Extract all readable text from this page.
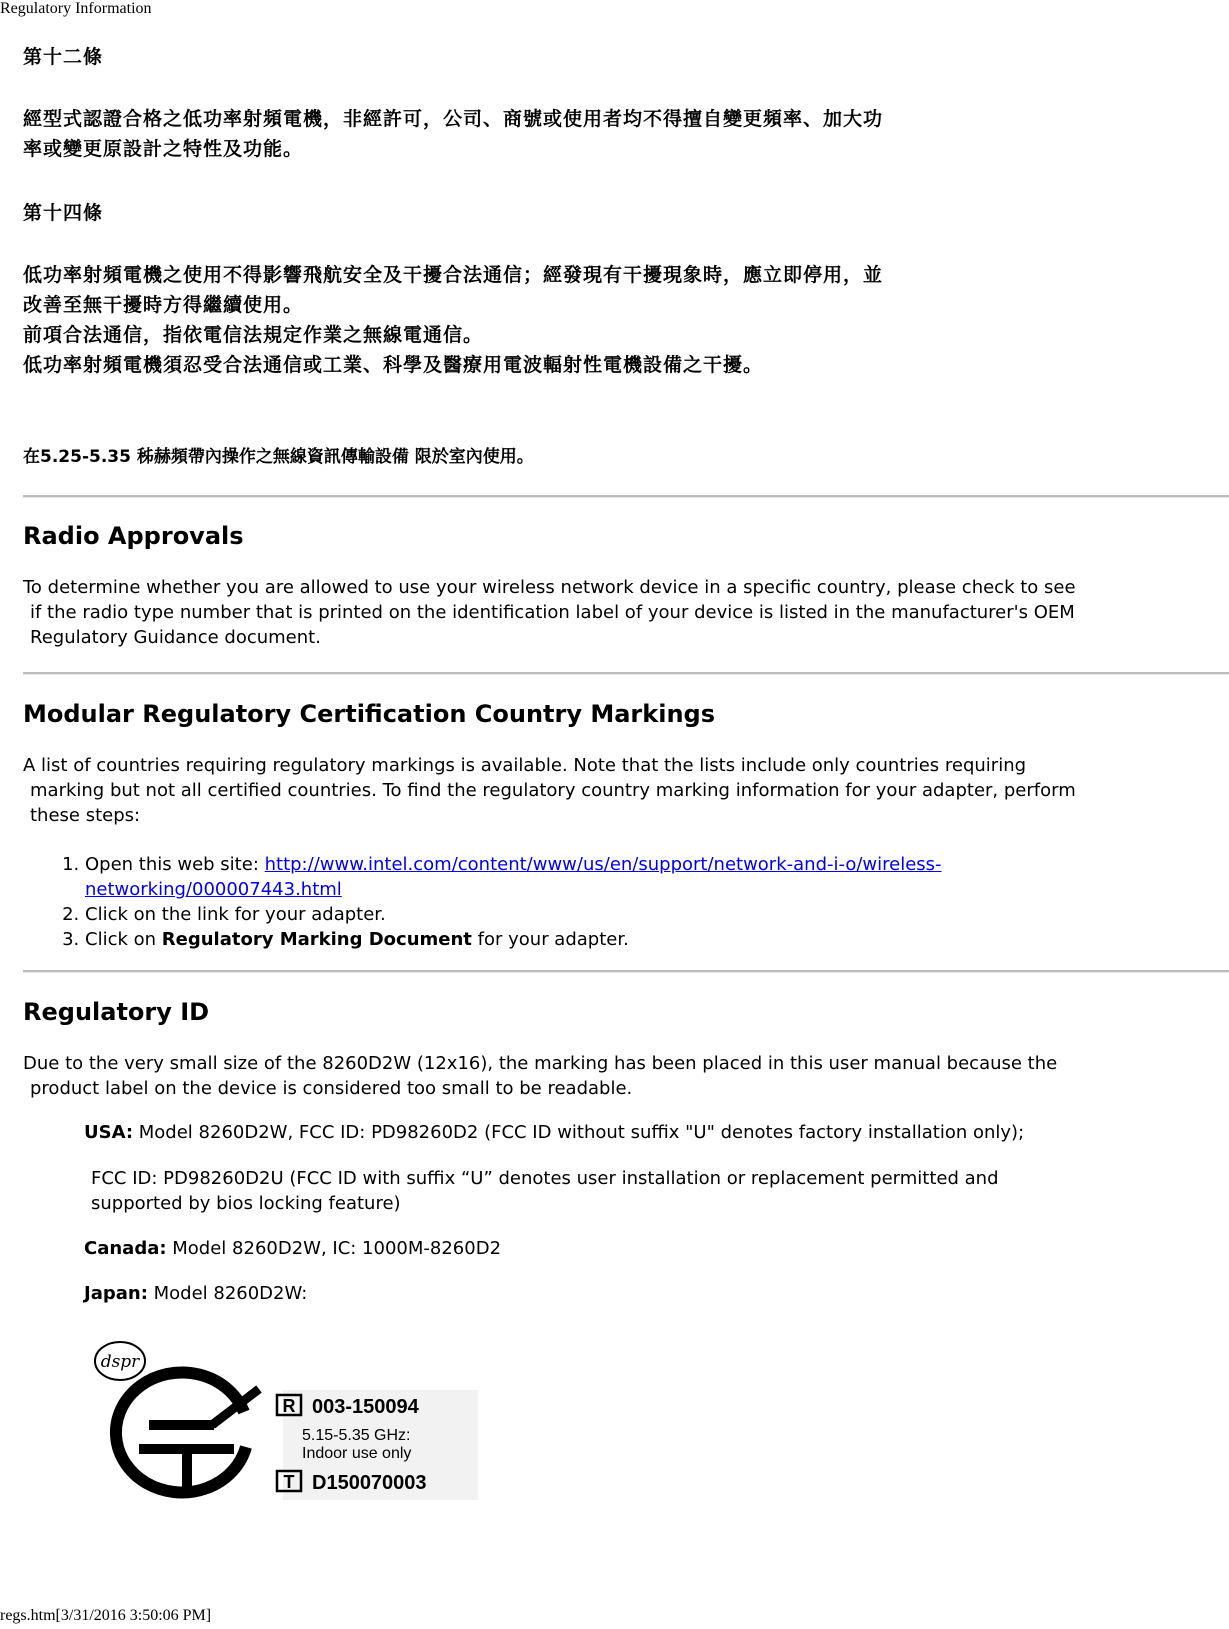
Regulatory Information
第十二條
經型式認證合格之低功率射頻電機，非經許可，公司、商號或使用者均不得擅自變更頻率、加大功
率或變更原設計之特性及功能。
第十四條
低功率射頻電機之使用不得影響飛航安全及干擾合法通信；經發現有干擾現象時，應立即停用，並
改善至無干擾時方得繼續使用。
前項合法通信，指依電信法規定作業之無線電通信。
低功率射頻電機須忍受合法通信或工業、科學及醫療用電波輻射性電機設備之干擾。
在5.25-5.35 秭赫頻帶內操作之無線資訊傳輸設備 限於室內使用。
Radio Approvals
To determine whether you are allowed to use your wireless network device in a specific country, please check to see
if the radio type number that is printed on the identification label of your device is listed in the manufacturer's OEM
Regulatory Guidance document.
Modular Regulatory Certification Country Markings
A list of countries requiring regulatory markings is available. Note that the lists include only countries requiring
marking but not all certified countries. To find the regulatory country marking information for your adapter, perform
these steps:
1. Open this web site: http://www.intel.com/content/www/us/en/support/network-and-i-o/wireless-
networking/000007443.html
2. Click on the link for your adapter.
3. Click on Regulatory Marking Document for your adapter.
Regulatory ID
Due to the very small size of the 8260D2W (12x16), the marking has been placed in this user manual because the
product label on the device is considered too small to be readable.
USA: Model 8260D2W, FCC ID: PD98260D2 (FCC ID without suffix "U" denotes factory installation only);
FCC ID: PD98260D2U (FCC ID with suffix “U” denotes user installation or replacement permitted and
supported by bios locking feature)
Canada: Model 8260D2W, IC: 1000M-8260D2
Japan: Model 8260D2W:
dspr
R 003-150094
5.15-5.35 GHz:
Indoor use only
T D150070003
regs.htm[3/31/2016 3:50:06 PM]
